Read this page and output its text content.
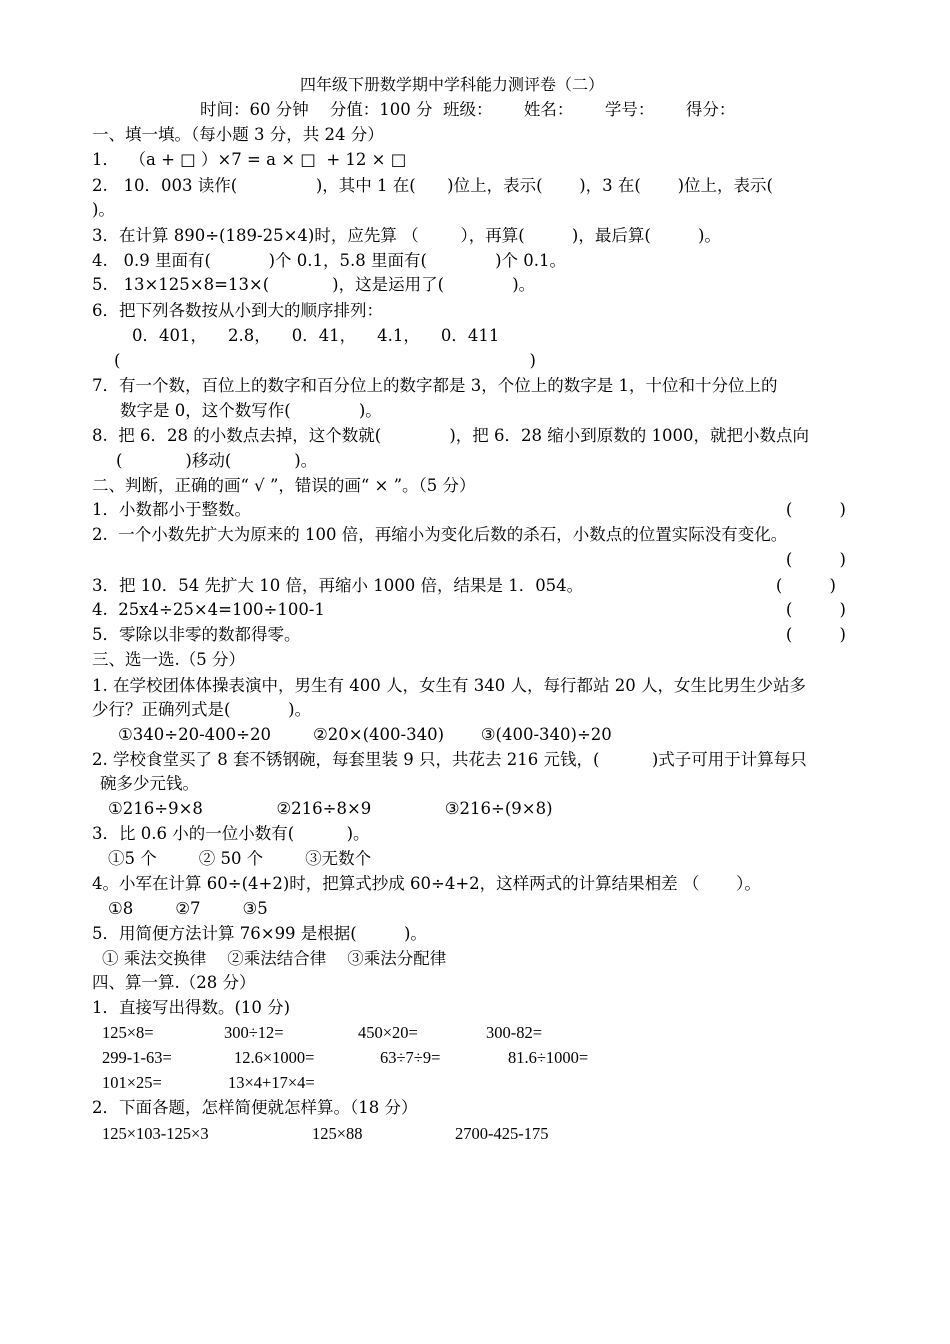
四年级下册数学期中学科能力测评卷（二）
时间：60 分钟    分值：100 分  班级：      姓名：      学号：      得分：
一、填一填。（每小题 3 分，共 24 分）
1．  （a + □ ）×7 = a × □  + 12 × □
2.   10．003 读作(               )，其中 1 在(      )位上，表示(       )，3 在(       )位上，表示(
)。
3．在计算 890÷(189-25×4)时，应先算 （        ），再算(         )，最后算(         )。
4.   0.9 里面有(           )个 0.1，5.8 里面有(             )个 0.1。
5.   13×125×8=13×(            )，这是运用了(             )。
6．把下列各数按从小到大的顺序排列：
0．401，    2.8，    0．41，    4.1，    0．411
(                                                                              )
7．有一个数，百位上的数字和百分位上的数字都是 3，个位上的数字是 1，十位和十分位上的
数字是 0，这个数写作(             )。
8.  把 6．28 的小数点去掉，这个数就(             )，把 6．28 缩小到原数的 1000，就把小数点向
(            )移动(            )。
二、判断，正确的画“ √ ”，错误的画“ × ”。（5 分）
1．小数都小于整数。	(         )
2.  一个小数先扩大为原来的 100 倍，再缩小为变化后数的杀石，小数点的位置实际没有变化。
(         )
3．把 10．54 先扩大 10 倍，再缩小 1000 倍，结果是 1．054。	(         )
4.  25x4÷25×4=100÷100-1	(         )
5．零除以非零的数都得零。	(         )
三、选一选.（5 分）
1. 在学校团体体操表演中，男生有 400 人，女生有 340 人，每行都站 20 人，女生比男生少站多
少行？正确列式是(           )。
①340÷20-400÷20        ②20×(400-340)       ③(400-340)÷20
2. 学校食堂买了 8 套不锈钢碗，每套里装 9 只，共花去 216 元钱，(          )式子可用于计算每只
碗多少元钱。
①216÷9×8              ②216÷8×9              ③216÷(9×8)
3．比 0.6 小的一位小数有(          )。
①5 个        ② 50 个        ③无数个
4。小军在计算 60÷(4+2)时，把算式抄成 60÷4+2，这样两式的计算结果相差 （       ）。
①8        ②7        ③5
5．用简便方法计算 76×99 是根据(         )。
① 乘法交换律    ②乘法结合律    ③乘法分配律
四、算一算.（28 分）
1．直接写出得数。(10 分)
125×8=	300÷12=	450×20=	300-82=
299-1-63=	12.6×1000=	63÷7÷9=	81.6÷1000=
101×25=	13×4+17×4=
2．下面各题，怎样简便就怎样算。（18 分）
125×103-125×3	125×88	2700-425-175
